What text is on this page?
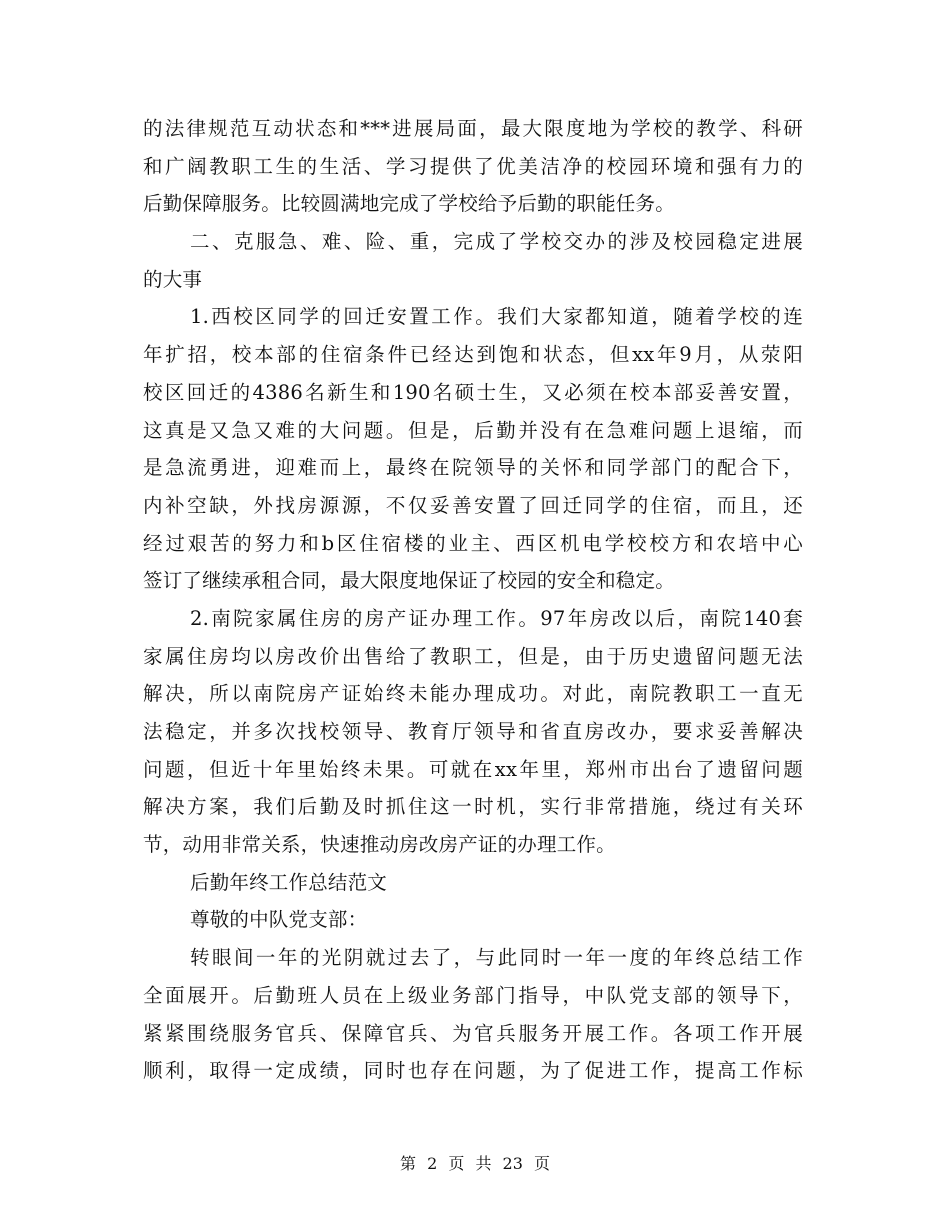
的法律规范互动状态和***进展局面，最大限度地为学校的教学、科研
和广阔教职工生的生活、学习提供了优美洁净的校园环境和强有力的
后勤保障服务。比较圆满地完成了学校给予后勤的职能任务。
二、克服急、难、险、重，完成了学校交办的涉及校园稳定进展
的大事
1.西校区同学的回迁安置工作。我们大家都知道，随着学校的连
年扩招，校本部的住宿条件已经达到饱和状态，但xx年9月，从荥阳
校区回迁的4386名新生和190名硕士生，又必须在校本部妥善安置，
这真是又急又难的大问题。但是，后勤并没有在急难问题上退缩，而
是急流勇进，迎难而上，最终在院领导的关怀和同学部门的配合下，
内补空缺，外找房源源，不仅妥善安置了回迁同学的住宿，而且，还
经过艰苦的努力和b区住宿楼的业主、西区机电学校校方和农培中心
签订了继续承租合同，最大限度地保证了校园的安全和稳定。
2.南院家属住房的房产证办理工作。97年房改以后，南院140套
家属住房均以房改价出售给了教职工，但是，由于历史遗留问题无法
解决，所以南院房产证始终未能办理成功。对此，南院教职工一直无
法稳定，并多次找校领导、教育厅领导和省直房改办，要求妥善解决
问题，但近十年里始终未果。可就在xx年里，郑州市出台了遗留问题
解决方案，我们后勤及时抓住这一时机，实行非常措施，绕过有关环
节，动用非常关系，快速推动房改房产证的办理工作。
后勤年终工作总结范文
尊敬的中队党支部：
转眼间一年的光阴就过去了，与此同时一年一度的年终总结工作
全面展开。后勤班人员在上级业务部门指导，中队党支部的领导下，
紧紧围绕服务官兵、保障官兵、为官兵服务开展工作。各项工作开展
顺利，取得一定成绩，同时也存在问题，为了促进工作，提高工作标
第 2 页 共 23 页
